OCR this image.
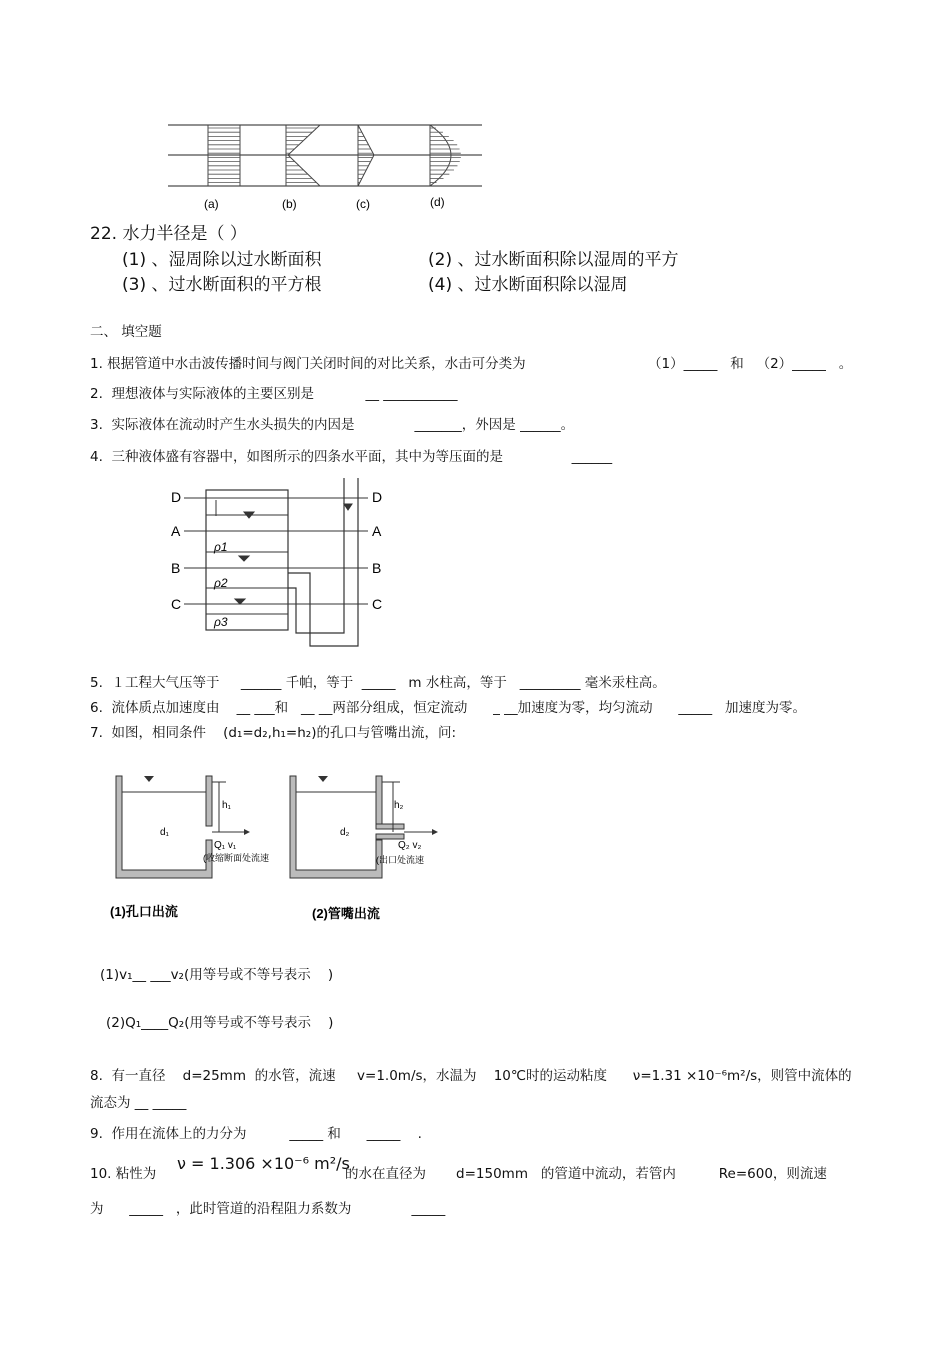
(a)	(b)	(c)	(d)
22. 水力半径是（ ）
(1) 、湿周除以过水断面积	(2) 、过水断面积除以湿周的平方
(3) 、过水断面积的平方根	(4) 、过水断面积除以湿周
二、 填空题
1. 根据管道中水击波传播时间与阀门关闭时间的对比关系，水击可分类为	（1）_____   和   （2）_____   。
2.  理想液体与实际液体的主要区别是            __ ___________
3.  实际液体在流动时产生水头损失的内因是              _______，外因是 ______。
4.  三种液体盛有容器中，如图所示的四条水平面，其中为等压面的是                ______
D
A
B
C
D
A
B
C
ρ1
ρ2
ρ3
5.  １工程大气压等于     ______ 千帕，等于  _____   m 水柱高，等于   _________ 毫米汞柱高。
6.  流体质点加速度由    __ ___和   __ __两部分组成，恒定流动      _ __加速度为零，均匀流动      _____   加速度为零。
7.  如图，相同条件    (d₁=d₂,h₁=h₂)的孔口与管嘴出流，问:
h₁	h₂
d₁	d₂
Q₁ v₁	Q₂ v₂
(收缩断面处流速	(出口处流速
(1)孔口出流	(2)管嘴出流
(1)v₁__ ___v₂(用等号或不等号表示    )
(2)Q₁____Q₂(用等号或不等号表示    )
8.  有一直径    d=25mm  的水管，流速     v=1.0m/s，水温为    10℃时的运动粘度      ν=1.31 ×10⁻⁶m²/s，则管中流体的
流态为 __ _____
9.  作用在流体上的力分为          _____ 和      _____    .
10. 粘性为
ν = 1.306 ×10⁻⁶ m²/s
的水在直径为       d=150mm   的管道中流动，若管内          Re=600，则流速
为      _____   ，此时管道的沿程阻力系数为              _____
